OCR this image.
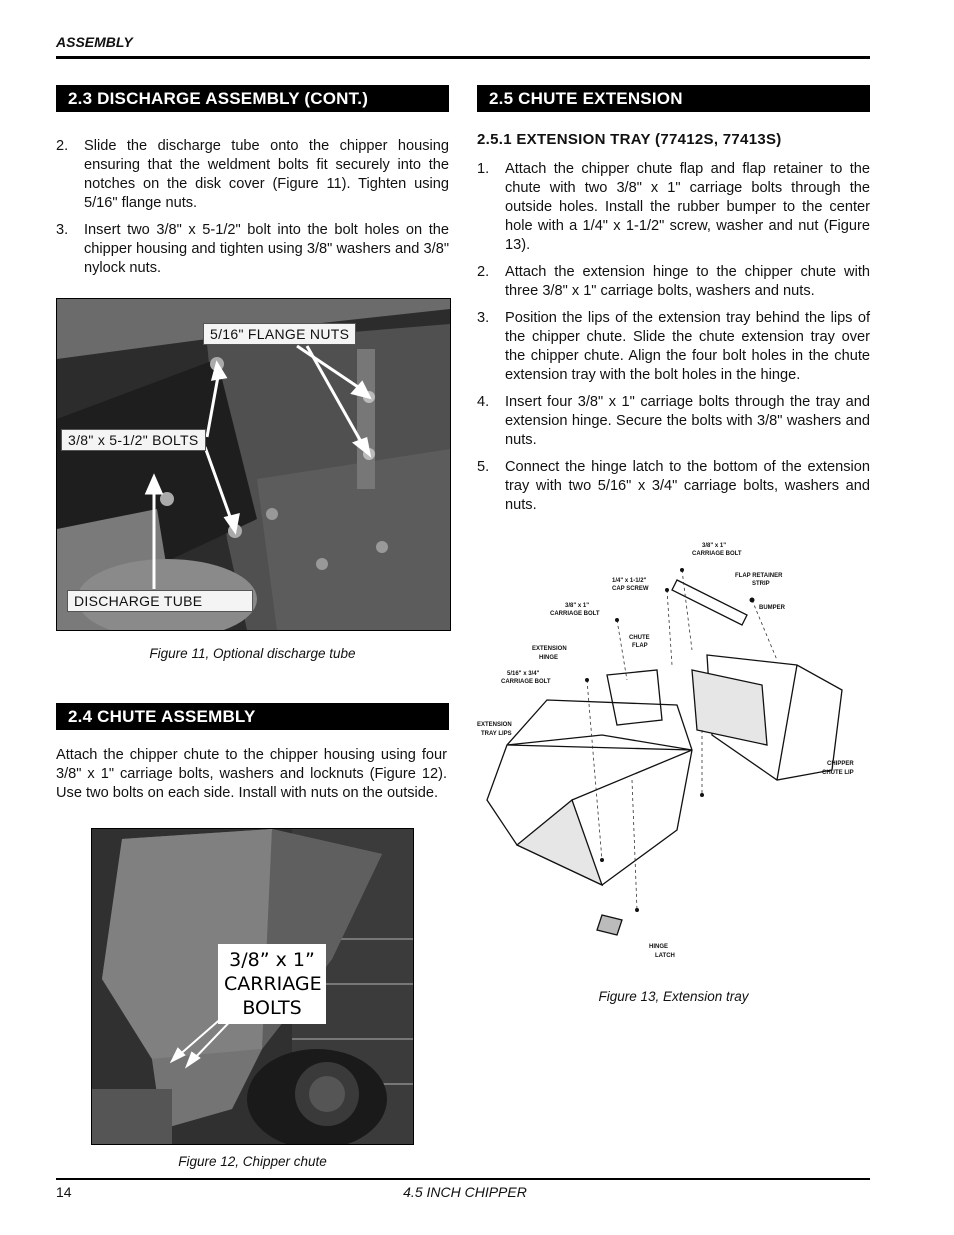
ASSEMBLY
2.3 DISCHARGE ASSEMBLY (CONT.)
2.	Slide the discharge tube onto the chipper housing ensuring that the weldment bolts fit securely into the notches on the disk cover (Figure 11). Tighten using 5/16" flange nuts.
3.	Insert two 3/8" x 5-1/2" bolt into the bolt holes on the chipper housing and tighten using 3/8" washers and 3/8" nylock nuts.
5/16" FLANGE NUTS
3/8" x 5-1/2" BOLTS
DISCHARGE TUBE
Figure 11, Optional discharge tube
2.4 CHUTE ASSEMBLY
Attach the chipper chute to the chipper housing using four 3/8" x 1" carriage bolts, washers and locknuts (Figure 12). Use two bolts on each side. Install with nuts on the outside.
3/8” x 1”
CARRIAGE
BOLTS
Figure 12, Chipper chute
2.5 CHUTE EXTENSION
2.5.1 EXTENSION TRAY (77412S, 77413S)
1.	Attach the chipper chute flap and flap retainer to the chute with two 3/8" x 1" carriage bolts through the outside holes. Install the rubber bumper to the center hole with a 1/4" x 1-1/2" screw, washer and nut (Figure 13).
2.	Attach the extension hinge to the chipper chute with three 3/8" x 1" carriage bolts, washers and nuts.
3.	Position the lips of the extension tray behind the lips of the chipper chute. Slide the chute extension tray over the chipper chute. Align the four bolt holes in the chute extension tray with the bolt holes in the hinge.
4.	Insert four 3/8" x 1" carriage bolts through the tray and extension hinge. Secure the bolts with 3/8" washers and nuts.
5.	Connect the hinge latch to the bottom of the extension tray with two 5/16" x 3/4" carriage bolts, washers and nuts.
3/8" x 1"
CARRIAGE BOLT
1/4" x 1-1/2"
CAP SCREW
FLAP RETAINER
STRIP
BUMPER
3/8" x 1"
CARRIAGE BOLT
EXTENSION
HINGE
CHUTE
FLAP
5/16" x 3/4"
CARRIAGE BOLT
EXTENSION
TRAY LIPS
CHIPPER
CHUTE LIP
HINGE
LATCH
Figure 13, Extension tray
14	4.5 INCH CHIPPER
